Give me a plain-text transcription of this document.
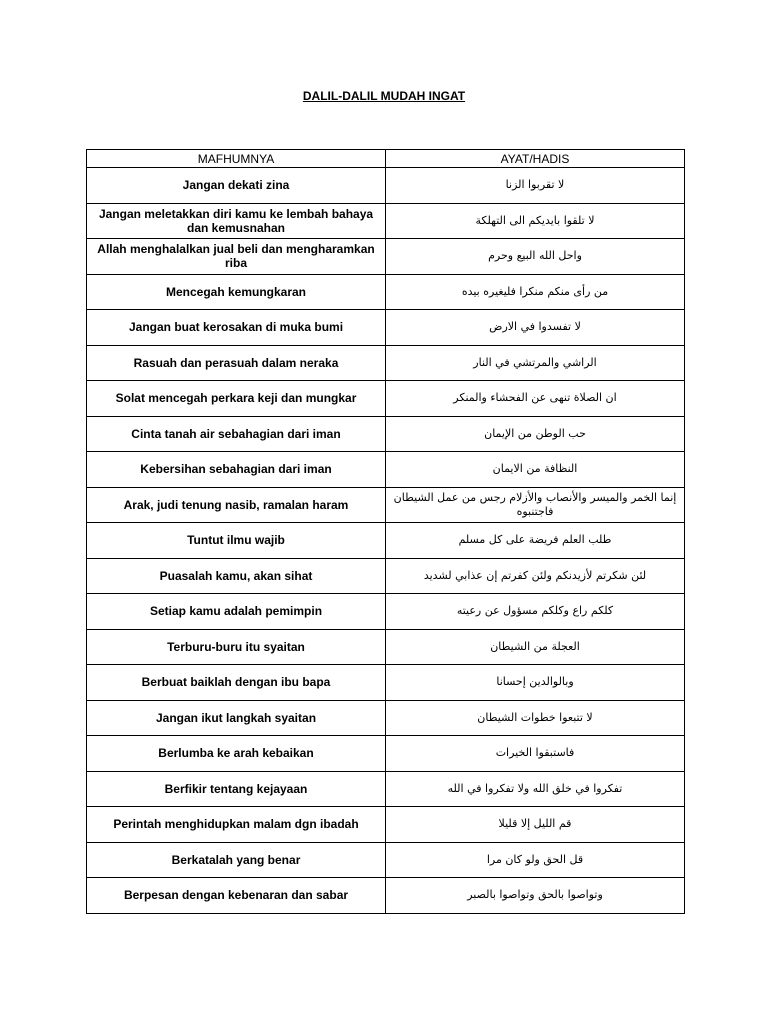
DALIL-DALIL MUDAH INGAT
MAFHUMNYA	AYAT/HADIS
Jangan dekati zina	لا تقربوا الزنا
Jangan meletakkan diri kamu ke lembah bahaya dan kemusnahan	لا تلقوا بايديكم الى التهلكة
Allah menghalalkan jual beli dan mengharamkan riba	واحل الله البيع وحرم
Mencegah kemungkaran	من رأى منكم منكرا فليغيره بيده
Jangan buat kerosakan di muka bumi	لا تفسدوا في الارض
Rasuah dan perasuah dalam neraka	الراشي والمرتشي في النار
Solat mencegah perkara keji dan mungkar	ان الصلاة تنهى عن الفحشاء والمنكر
Cinta tanah air sebahagian dari iman	حب الوطن من الإيمان
Kebersihan sebahagian dari iman	النظافة من الايمان
Arak, judi tenung nasib, ramalan haram	إنما الخمر والميسر والأنصاب والأزلام رجس من عمل الشيطان فاجتنبوه
Tuntut ilmu wajib	طلب العلم فريضة على كل مسلم
Puasalah kamu, akan sihat	لئن شكرتم لأزيدنكم ولئن كفرتم إن عذابي لشديد
Setiap kamu adalah pemimpin	كلكم راع وكلكم مسؤول عن رعيته
Terburu-buru itu syaitan	العجلة من الشيطان
Berbuat baiklah dengan ibu bapa	وبالوالدين إحسانا
Jangan ikut langkah syaitan	لا تتبعوا خطوات الشيطان
Berlumba ke arah kebaikan	فاستبقوا الخيرات
Berfikir tentang kejayaan	تفكروا في خلق الله ولا تفكروا في الله
Perintah menghidupkan malam dgn ibadah	قم الليل إلا قليلا
Berkatalah yang benar	قل الحق ولو كان مرا
Berpesan dengan kebenaran dan sabar	وتواصوا بالحق وتواصوا بالصبر
